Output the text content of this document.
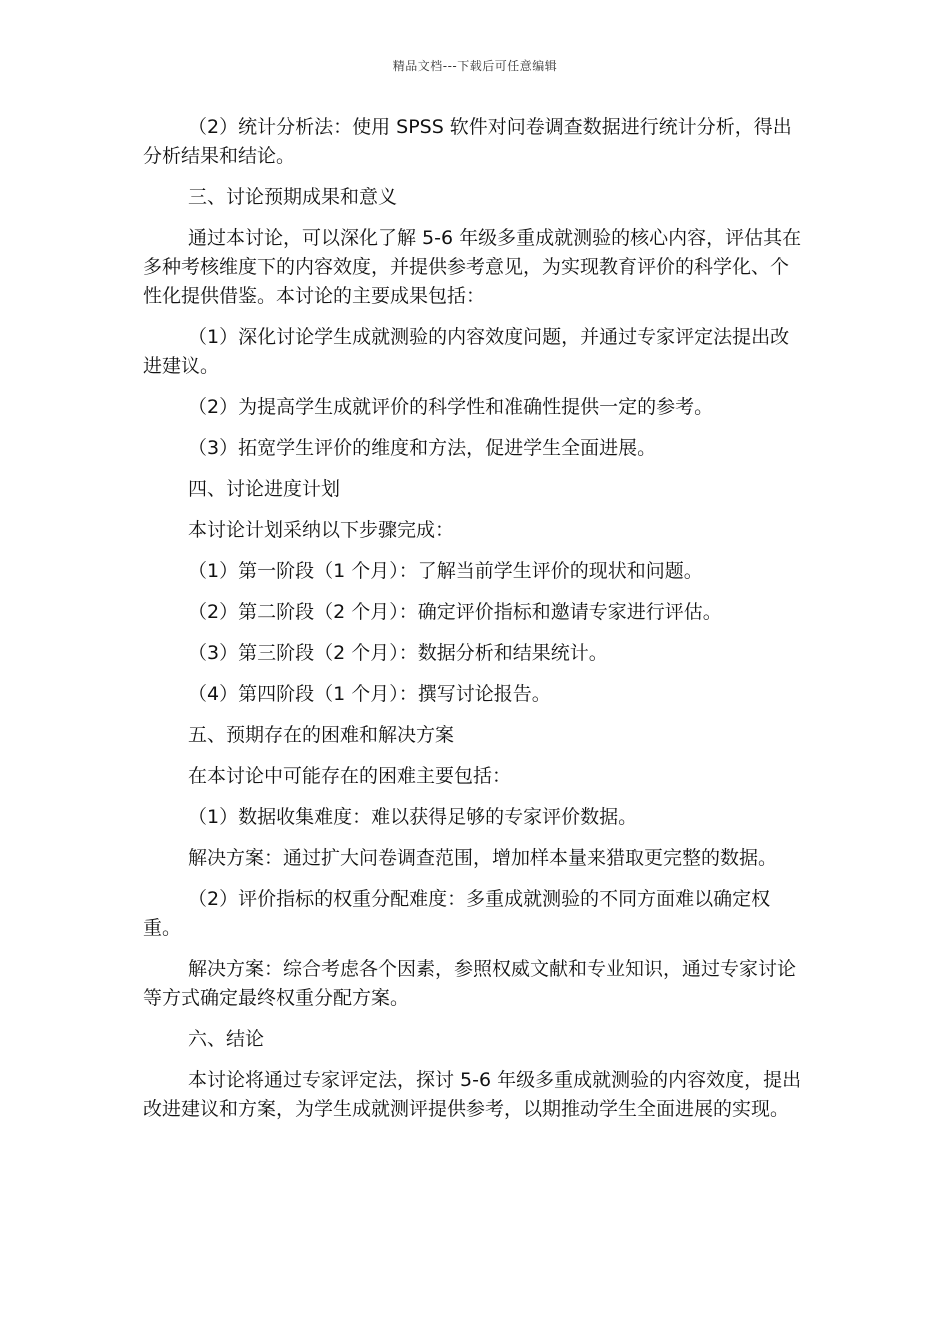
精品文档---下载后可任意编辑

（2）统计分析法：使用 SPSS 软件对问卷调查数据进行统计分析，得出分析结果和结论。

三、讨论预期成果和意义

通过本讨论，可以深化了解 5-6 年级多重成就测验的核心内容，评估其在多种考核维度下的内容效度，并提供参考意见，为实现教育评价的科学化、个性化提供借鉴。本讨论的主要成果包括：

（1）深化讨论学生成就测验的内容效度问题，并通过专家评定法提出改进建议。

（2）为提高学生成就评价的科学性和准确性提供一定的参考。

（3）拓宽学生评价的维度和方法，促进学生全面进展。

四、讨论进度计划

本讨论计划采纳以下步骤完成：

（1）第一阶段（1 个月）：了解当前学生评价的现状和问题。

（2）第二阶段（2 个月）：确定评价指标和邀请专家进行评估。

（3）第三阶段（2 个月）：数据分析和结果统计。

（4）第四阶段（1 个月）：撰写讨论报告。

五、预期存在的困难和解决方案

在本讨论中可能存在的困难主要包括：

（1）数据收集难度：难以获得足够的专家评价数据。

解决方案：通过扩大问卷调查范围，增加样本量来猎取更完整的数据。

（2）评价指标的权重分配难度：多重成就测验的不同方面难以确定权重。

解决方案：综合考虑各个因素，参照权威文献和专业知识，通过专家讨论等方式确定最终权重分配方案。

六、结论

本讨论将通过专家评定法，探讨 5-6 年级多重成就测验的内容效度，提出改进建议和方案，为学生成就测评提供参考，以期推动学生全面进展的实现。
